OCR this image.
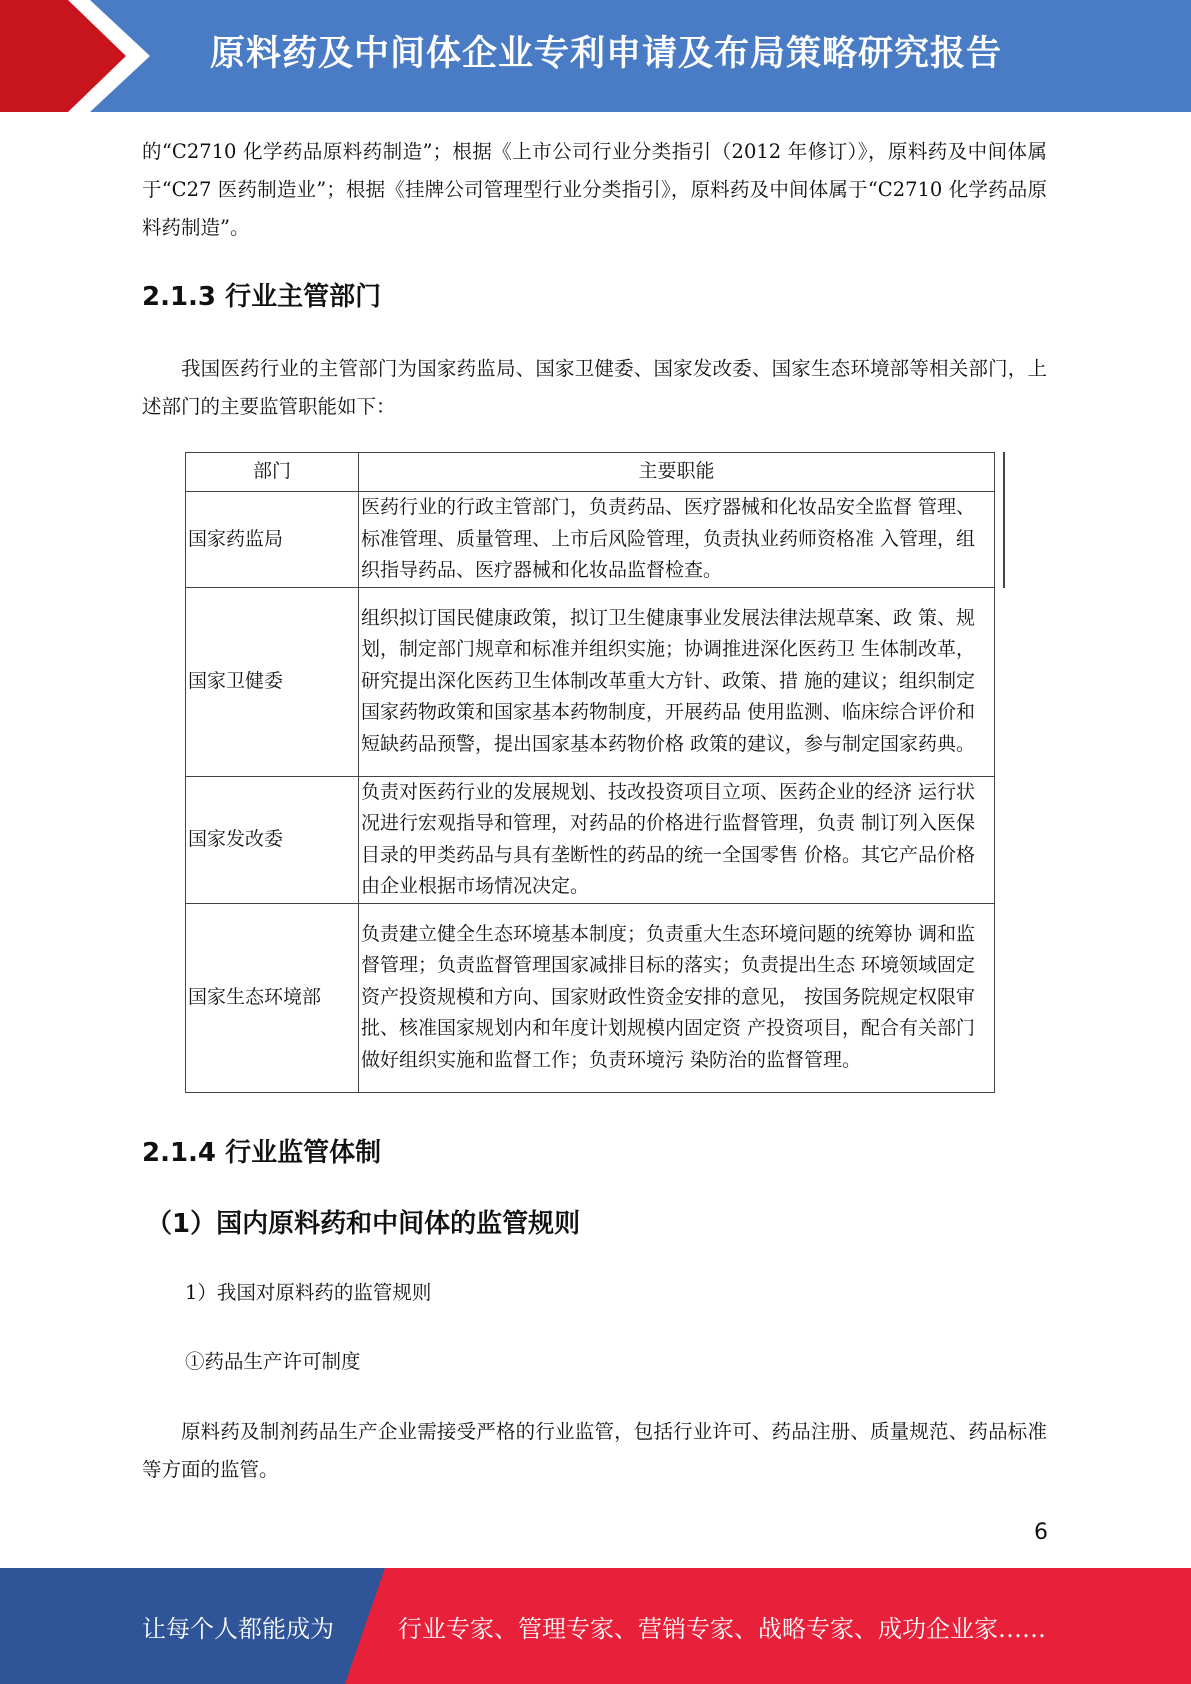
原料药及中间体企业专利申请及布局策略研究报告

的“C2710 化学药品原料药制造”；根据《上市公司行业分类指引（2012 年修订）》，原料药及中间体属于“C27 医药制造业”；根据《挂牌公司管理型行业分类指引》，原料药及中间体属于“C2710 化学药品原料药制造”。

2.1.3 行业主管部门

我国医药行业的主管部门为国家药监局、国家卫健委、国家发改委、国家生态环境部等相关部门，上述部门的主要监管职能如下：

部门	主要职能
国家药监局	医药行业的行政主管部门，负责药品、医疗器械和化妆品安全监督 管理、标准管理、质量管理、上市后风险管理，负责执业药师资格准 入管理，组织指导药品、医疗器械和化妆品监督检查。
国家卫健委	组织拟订国民健康政策，拟订卫生健康事业发展法律法规草案、政 策、规划，制定部门规章和标准并组织实施；协调推进深化医药卫 生体制改革，研究提出深化医药卫生体制改革重大方针、政策、措 施的建议；组织制定国家药物政策和国家基本药物制度，开展药品 使用监测、临床综合评价和短缺药品预警，提出国家基本药物价格 政策的建议，参与制定国家药典。
国家发改委	负责对医药行业的发展规划、技改投资项目立项、医药企业的经济 运行状况进行宏观指导和管理，对药品的价格进行监督管理，负责 制订列入医保目录的甲类药品与具有垄断性的药品的统一全国零售 价格。其它产品价格由企业根据市场情况决定。
国家生态环境部	负责建立健全生态环境基本制度；负责重大生态环境问题的统筹协 调和监督管理；负责监督管理国家减排目标的落实；负责提出生态 环境领域固定资产投资规模和方向、国家财政性资金安排的意见， 按国务院规定权限审批、核准国家规划内和年度计划规模内固定资 产投资项目，配合有关部门做好组织实施和监督工作；负责环境污 染防治的监督管理。
2.1.4 行业监管体制
（1）国内原料药和中间体的监管规则

1）我国对原料药的监管规则

①药品生产许可制度

原料药及制剂药品生产企业需接受严格的行业监管，包括行业许可、药品注册、质量规范、药品标准等方面的监管。

6
让每个人都能成为	行业专家、管理专家、营销专家、战略专家、成功企业家……
